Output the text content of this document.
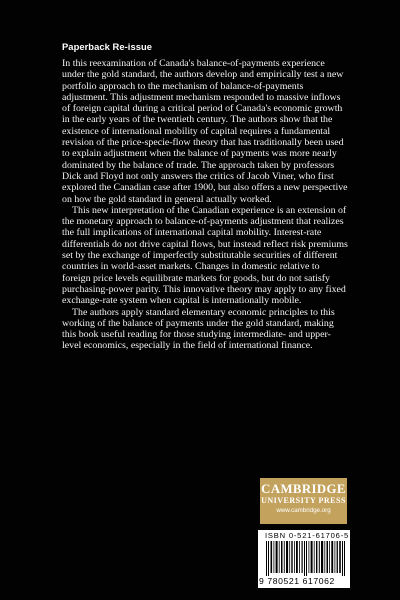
Paperback Re-issue

In this reexamination of Canada's balance-of-payments experience under the gold standard, the authors develop and empirically test a new portfolio approach to the mechanism of balance-of-payments adjustment. This adjustment mechanism responded to massive inflows of foreign capital during a critical period of Canada's economic growth in the early years of the twentieth century. The authors show that the existence of international mobility of capital requires a fundamental revision of the price-specie-flow theory that has traditionally been used to explain adjustment when the balance of payments was more nearly dominated by the balance of trade. The approach taken by professors Dick and Floyd not only answers the critics of Jacob Viner, who first explored the Canadian case after 1900, but also offers a new perspective on how the gold standard in general actually worked.

This new interpretation of the Canadian experience is an extension of the monetary approach to balance-of-payments adjustment that realizes the full implications of international capital mobility. Interest-rate differentials do not drive capital flows, but instead reflect risk premiums set by the exchange of imperfectly substitutable securities of different countries in world-asset markets. Changes in domestic relative to foreign price levels equilibrate markets for goods, but do not satisfy purchasing-power parity. This innovative theory may apply to any fixed exchange-rate system when capital is internationally mobile.

The authors apply standard elementary economic principles to this working of the balance of payments under the gold standard, making this book useful reading for those studying intermediate- and upper-level economics, especially in the field of international finance.

CAMBRIDGE
UNIVERSITY PRESS
www.cambridge.org
ISBN 0-521-61706-5
9 780521 617062
